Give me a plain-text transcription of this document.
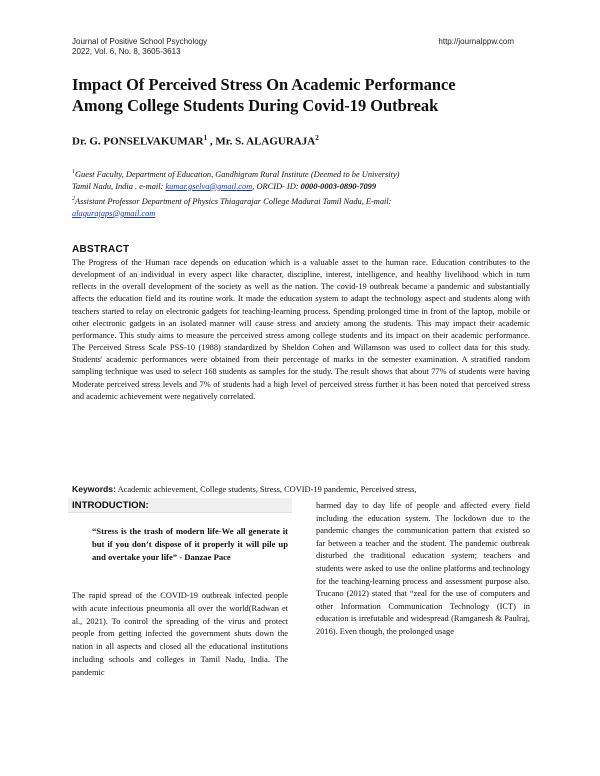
Journal of Positive School Psychology
2022, Vol. 6, No. 8, 3605-3613
http://journalppw.com
Impact Of Perceived Stress On Academic Performance
Among College Students During Covid-19 Outbreak
Dr. G. PONSELVAKUMAR$^1$ , Mr. S. ALAGURAJA$^2$
$^1$Guest Faculty, Department of Education, Gandhigram Rural Institute (Deemed to be University)
Tamil Nadu, India . e-mail: kumar.gselva@gmail.com, ORCID- ID: 0000-0003-0890-7099
$^2$Assistant Professor Department of Physics Thiagarajar College Madurai Tamil Nadu, E-mail:
alagurajaps@gmail.com
ABSTRACT

The Progress of the Human race depends on education which is a valuable asset to the human race. Education contributes to the development of an individual in every aspect like character, discipline, interest, intelligence, and healthy livelihood which in turn reflects in the overall development of the society as well as the nation. The covid-19 outbreak became a pandemic and substantially affects the education field and its routine work. It made the education system to adapt the technology aspect and students along with teachers started to relay on electronic gadgets for teaching-learning process. Spending prolonged time in front of the laptop, mobile or other electronic gadgets in an isolated manner will cause stress and anxiety among the students. This may impact their academic performance. This study aims to measure the perceived stress among college students and its impact on their academic performance. The Perceived Stress Scale PSS-10 (1988) standardized by Sheldon Cohen and Willamson was used to collect data for this study. Students' academic performances were obtained from their percentage of marks in the semester examination. A stratified random sampling technique was used to select 168 students as samples for the study. The result shows that about 77% of students were having Moderate perceived stress levels and 7% of students had a high level of perceived stress further it has been noted that perceived stress and academic achievement were negatively correlated.

Keywords: Academic achievement, College students, Stress, COVID-19 pandemic, Perceived stress,
INTRODUCTION:
“Stress is the trash of modern life-We all generate it but if you don’t dispose of it properly it will pile up and overtake your life” - Danzae Pace

The rapid spread of the COVID-19 outbreak infected people with acute infectious pneumonia all over the world(Radwan et al., 2021). To control the spreading of the virus and protect people from getting infected the government shuts down the nation in all aspects and closed all the educational institutions including schools and colleges in Tamil Nadu, India. The pandemic

harmed day to day life of people and affected every field including the education system. The lockdown due to the pandemic changes the communication pattern that existed so far between a teacher and the student. The pandemic outbreak disturbed the traditional education system; teachers and students were asked to use the online platforms and technology for the teaching-learning process and assessment purpose also. Trucano (2012) stated that “zeal for the use of computers and other Information Communication Technology (ICT) in education is irrefutable and widespread (Ramganesh & Paulraj, 2016). Even though, the prolonged usage
